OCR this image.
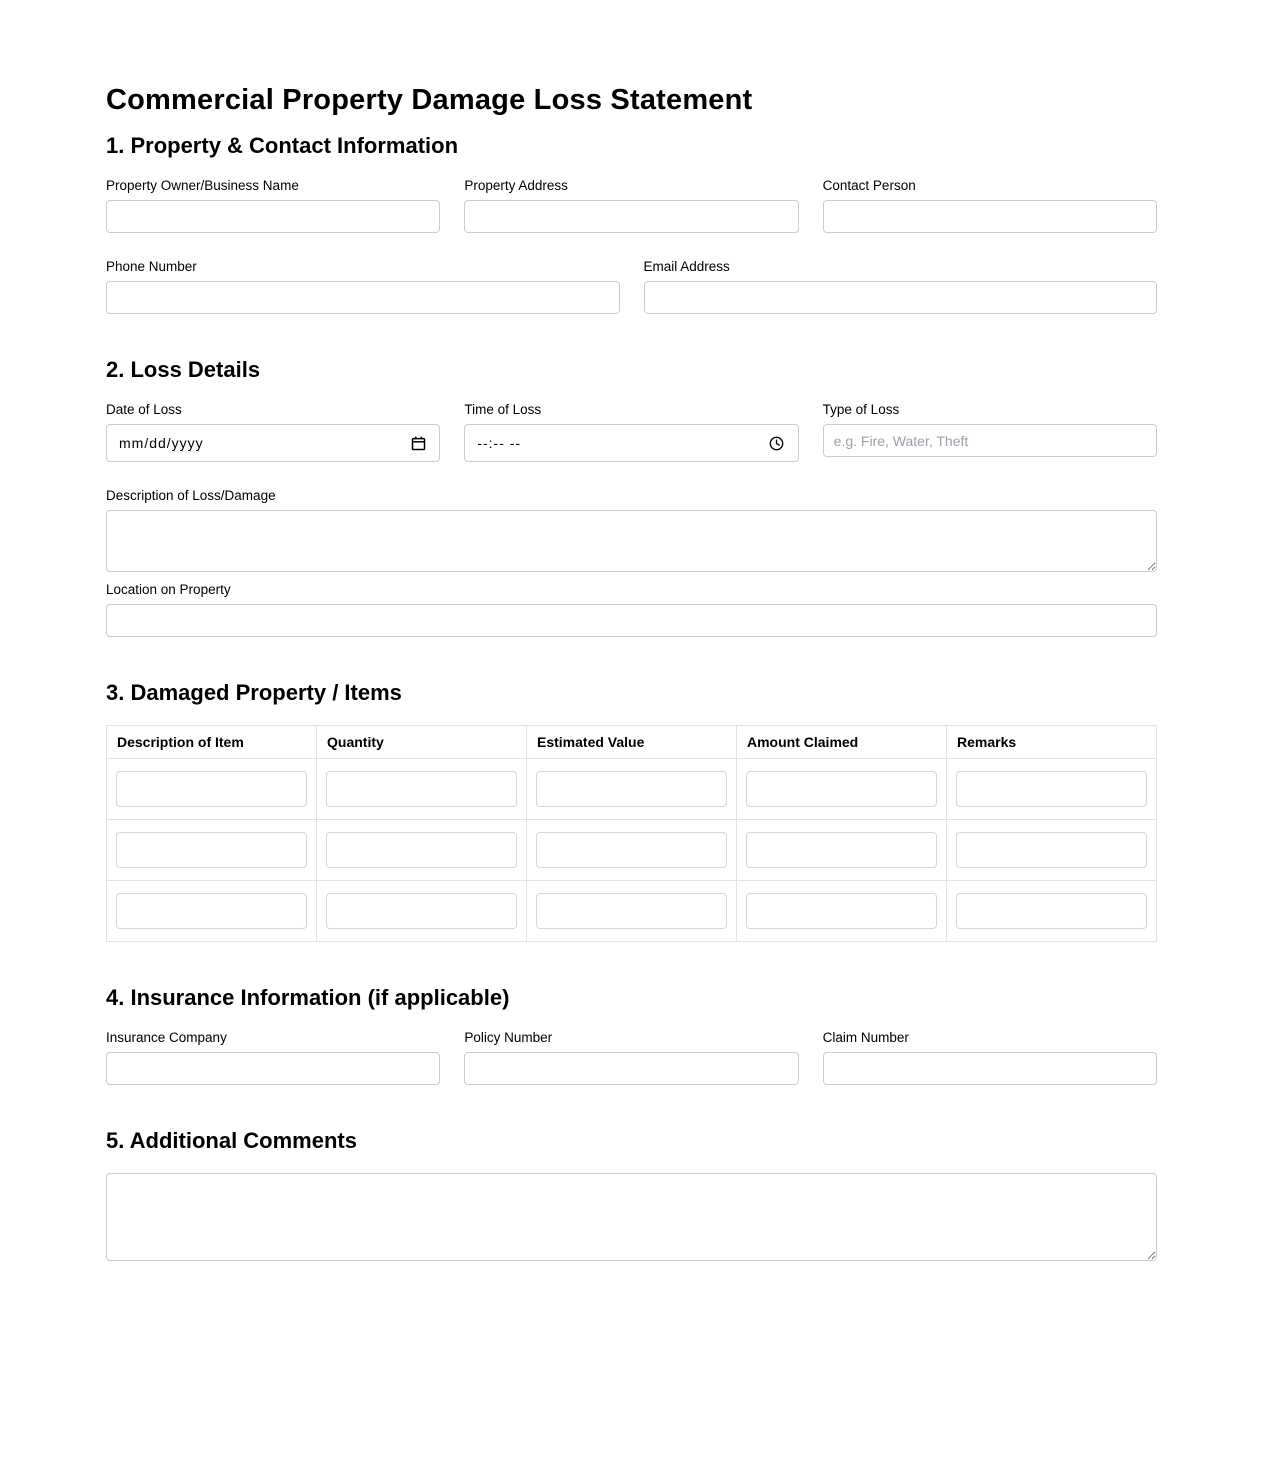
Commercial Property Damage Loss Statement
1. Property & Contact Information
Property Owner/Business Name	Property Address	Contact Person
Phone Number	Email Address
2. Loss Details
Date of Loss
mm/dd/yyyy
Time of Loss
--:-- --
Type of Loss
e.g. Fire, Water, Theft
Description of Loss/Damage
Location on Property
3. Damaged Property / Items
Description of Item	Quantity	Estimated Value	Amount Claimed	Remarks

4. Insurance Information (if applicable)
Insurance Company	Policy Number	Claim Number
5. Additional Comments
